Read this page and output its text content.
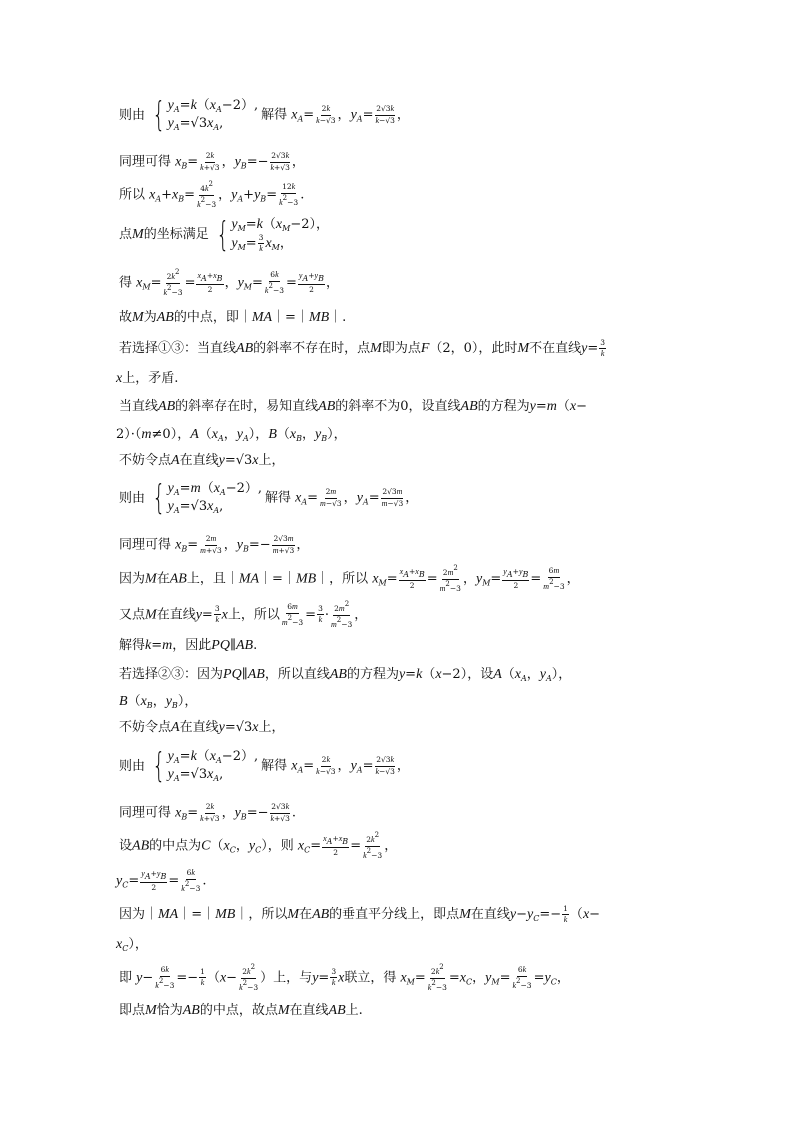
则由 { $y_A=k(x_A-2)$,
$y_A=√3x_A$,
解得 $x_A= \frac{2k}{k-√3}$ ，$y_A= \frac{2√3k}{k-√3}$ ，
同理可得 $x_B= \frac{2k}{k+√3}$ ，$y_B=- \frac{2√3k}{k+√3}$ ，
所以 $x_A+x_B= \frac{4k^2}{k^2-3}$ ，$y_A+y_B= \frac{12k}{k^2-3}$ .
点M的坐标满足 { $y_M=k(x_M-2)$，
$y_M= \frac{3}{k} x_M$，
得 $x_M= \frac{2k^2}{k^2-3} = \frac{x_A+x_B}{2}$ ，$y_M= \frac{6k}{k^2-3} = \frac{y_A+y_B}{2}$ ，
故M为AB的中点，即｜MA｜=｜MB｜.
若选择①③：当直线AB的斜率不存在时，点M即为点F（2，0），此时M不在直线$y= \frac{3}{k}$
x上，矛盾.
当直线AB的斜率存在时，易知直线AB的斜率不为0，设直线AB的方程为y=m（x−
2）·（m≠0），$A(x_A$，$y_A$），$B(x_B$，$y_B$），
不妨令点A在直线y=√3x上，
则由 { $y_A=m(x_A-2)$,
$y_A=√3x_A$,
解得 $x_A= \frac{2m}{m-√3}$ ，$y_A= \frac{2√3m}{m-√3}$ ，
同理可得 $x_B= \frac{2m}{m+√3}$ ，$y_B=- \frac{2√3m}{m+√3}$ ，
因为M在AB上，且｜MA｜=｜MB｜，所以 $x_M= \frac{x_A+x_B}{2} = \frac{2m^2}{m^2-3}$ ，$y_M= \frac{y_A+y_B}{2} = \frac{6m}{m^2-3}$ ，
又点M在直线$y= \frac{3}{k}$ x上，所以 $\frac{6m}{m^2-3} = \frac{3}{k} \cdot \frac{2m^2}{m^2-3}$ ，
解得k=m，因此PQ∥AB.
若选择②③：因为PQ∥AB，所以直线AB的方程为y=k（x−2），设$A(x_A$，$y_A$），
$B(x_B$，$y_B$），
不妨令点A在直线y=√3x上，
则由 { $y_A=k(x_A-2)$,
$y_A=√3x_A$,
解得 $x_A= \frac{2k}{k-√3}$ ，$y_A= \frac{2√3k}{k-√3}$ ，
同理可得 $x_B= \frac{2k}{k+√3}$ ，$y_B=- \frac{2√3k}{k+√3}$ .
设AB的中点为$C(x_C$，$y_C$），则 $x_C= \frac{x_A+x_B}{2} = \frac{2k^2}{k^2-3}$ ，
$y_C= \frac{y_A+y_B}{2} = \frac{6k}{k^2-3}$ .
因为｜MA｜=｜MB｜，所以M在AB的垂直平分线上，即点M在直线$y-y_C=- \frac{1}{k} (x-$
$x_C$），
即 $y- \frac{6k}{k^2-3} =- \frac{1}{k} (x- \frac{2k^2}{k^2-3}$ ）上，与$y= \frac{3}{k}$ x联立，得 $x_M= \frac{2k^2}{k^2-3} =x_C$，$y_M= \frac{6k}{k^2-3} =y_C$，
即点M恰为AB的中点，故点M在直线AB上.
